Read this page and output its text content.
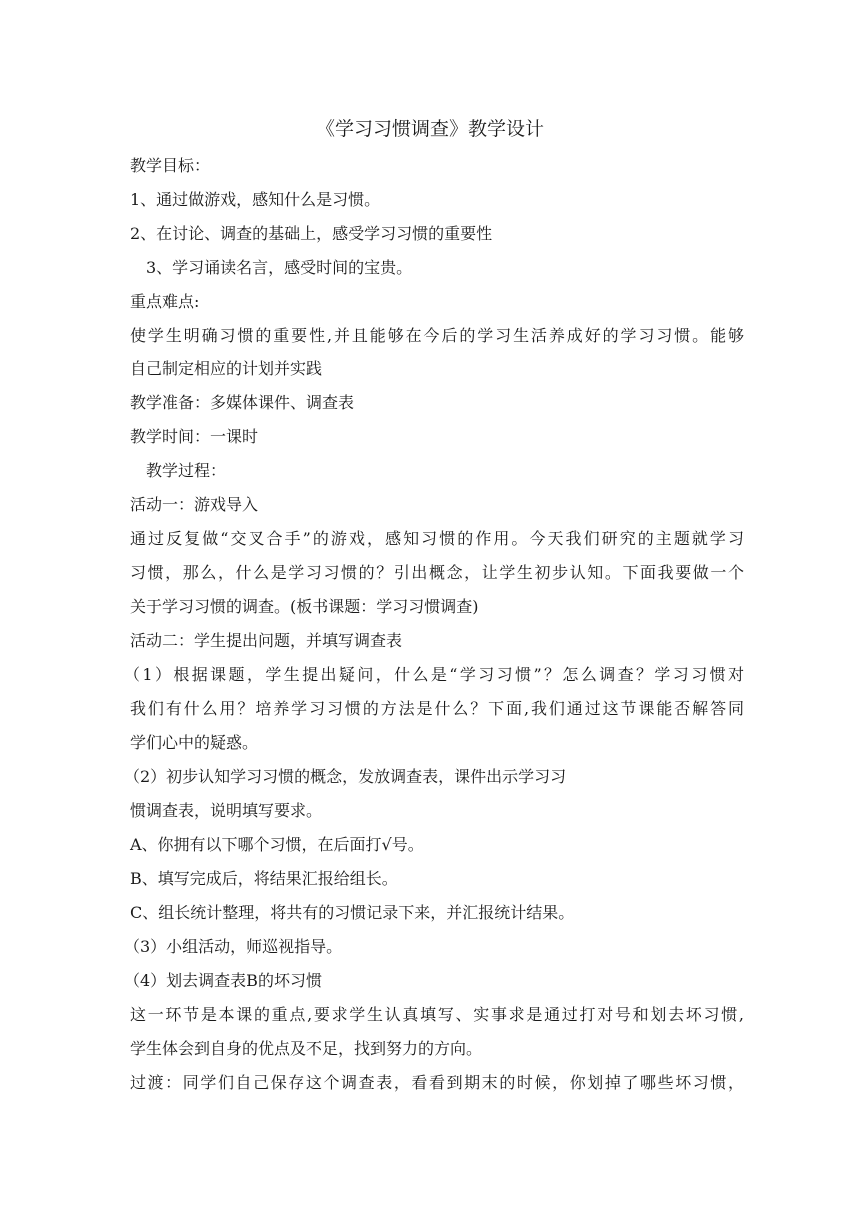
《学习习惯调查》教学设计
教学目标：
1、通过做游戏，感知什么是习惯。
2、在讨论、调查的基础上，感受学习习惯的重要性
3、学习诵读名言，感受时间的宝贵。
重点难点:
使学生明确习惯的重要性,并且能够在今后的学习生活养成好的学习习惯。能够
自己制定相应的计划并实践
教学准备：多媒体课件、调查表
教学时间：一课时
教学过程：
活动一：游戏导入
通过反复做“交叉合手”的游戏，感知习惯的作用。今天我们研究的主题就学习
习惯，那么，什么是学习习惯的？引出概念，让学生初步认知。下面我要做一个
关于学习习惯的调查。(板书课题：学习习惯调查)
活动二：学生提出问题，并填写调查表
（1）根据课题，学生提出疑问，什么是“学习习惯”？怎么调查？学习习惯对
我们有什么用？培养学习习惯的方法是什么？下面,我们通过这节课能否解答同
学们心中的疑惑。
（2）初步认知学习习惯的概念，发放调查表，课件出示学习习
惯调查表，说明填写要求。
A、你拥有以下哪个习惯，在后面打√号。
B、填写完成后，将结果汇报给组长。
C、组长统计整理，将共有的习惯记录下来，并汇报统计结果。
（3）小组活动，师巡视指导。
（4）划去调查表B的坏习惯
这一环节是本课的重点,要求学生认真填写、实事求是通过打对号和划去坏习惯,
学生体会到自身的优点及不足，找到努力的方向。
过渡：同学们自己保存这个调查表，看看到期末的时候，你划掉了哪些坏习惯，
